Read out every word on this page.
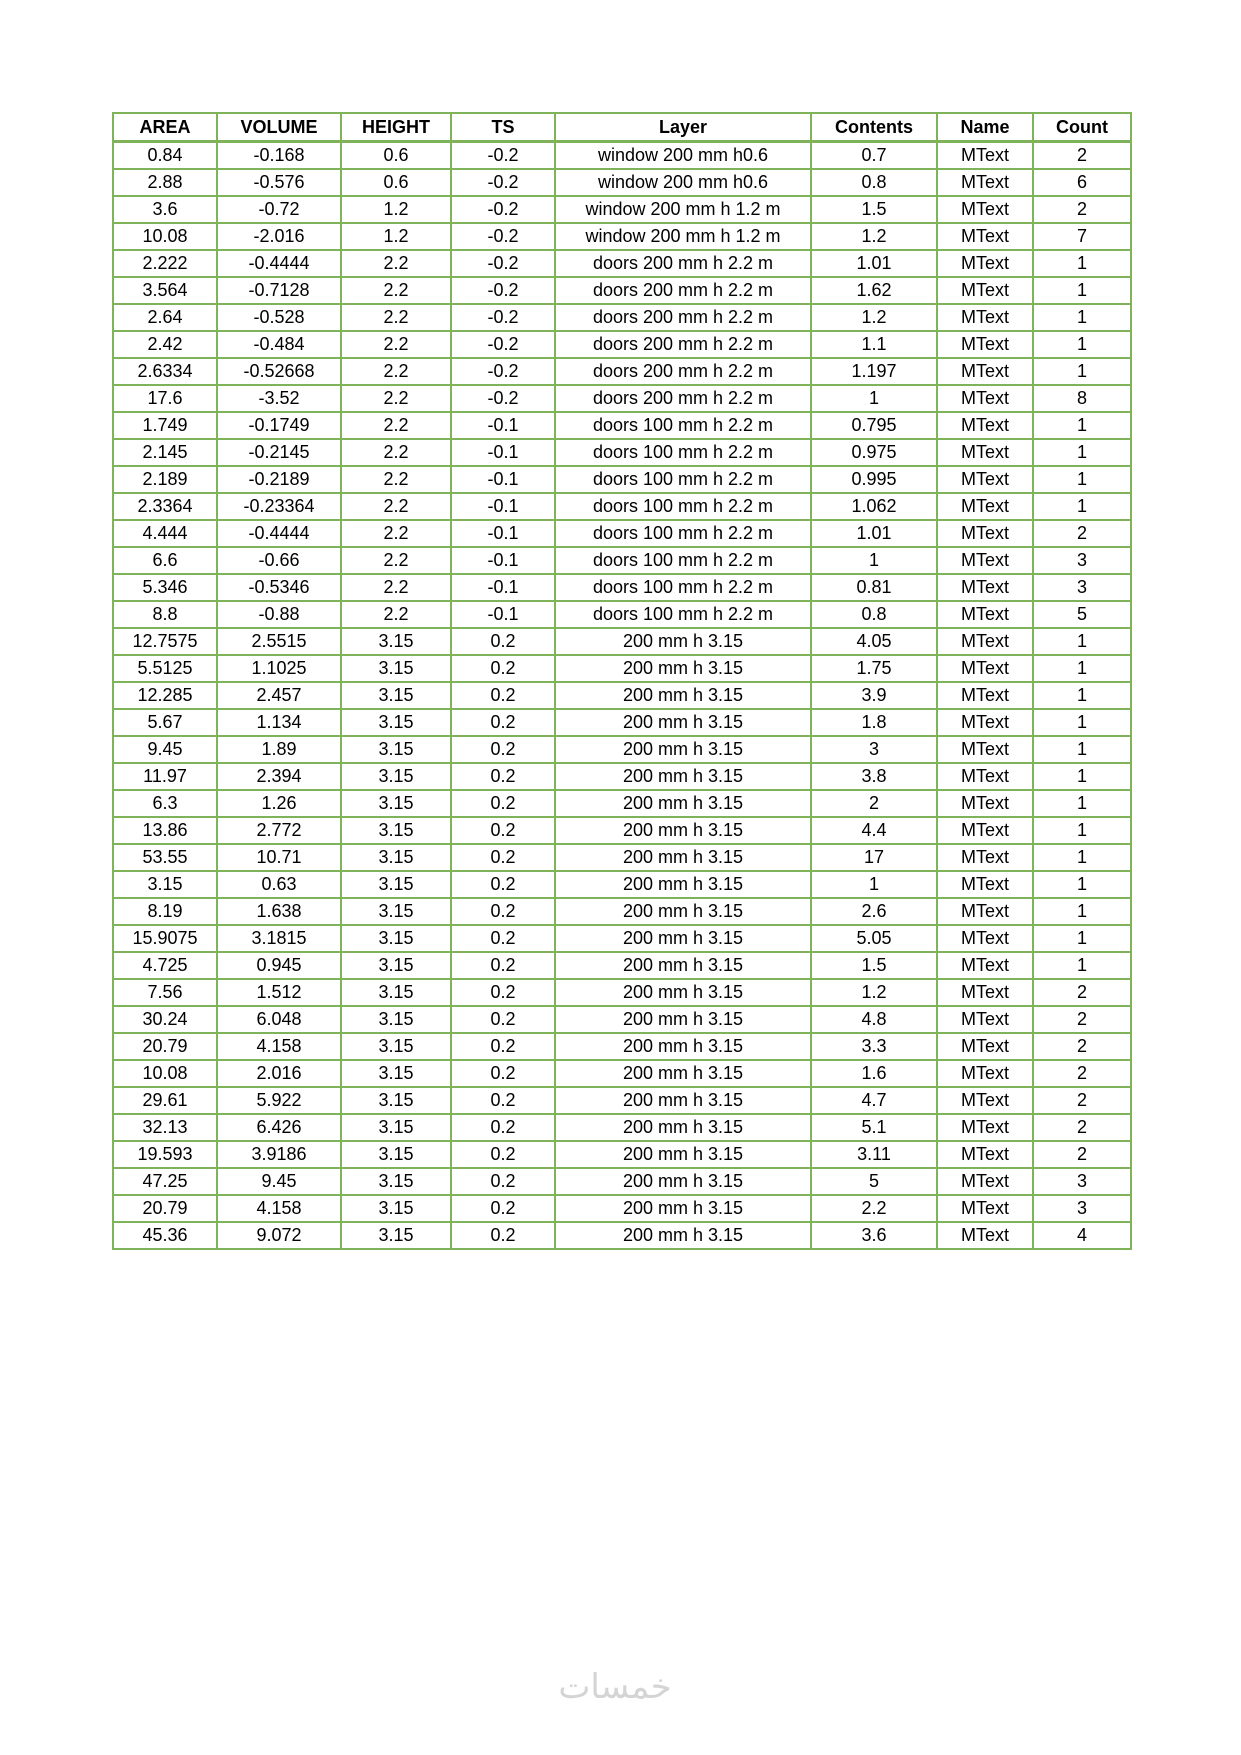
AREA	VOLUME	HEIGHT	TS	Layer	Contents	Name	Count
0.84	-0.168	0.6	-0.2	window 200 mm h0.6	0.7	MText	2
2.88	-0.576	0.6	-0.2	window 200 mm h0.6	0.8	MText	6
3.6	-0.72	1.2	-0.2	window 200 mm h 1.2 m	1.5	MText	2
10.08	-2.016	1.2	-0.2	window 200 mm h 1.2 m	1.2	MText	7
2.222	-0.4444	2.2	-0.2	doors 200 mm h 2.2 m	1.01	MText	1
3.564	-0.7128	2.2	-0.2	doors 200 mm h 2.2 m	1.62	MText	1
2.64	-0.528	2.2	-0.2	doors 200 mm h 2.2 m	1.2	MText	1
2.42	-0.484	2.2	-0.2	doors 200 mm h 2.2 m	1.1	MText	1
2.6334	-0.52668	2.2	-0.2	doors 200 mm h 2.2 m	1.197	MText	1
17.6	-3.52	2.2	-0.2	doors 200 mm h 2.2 m	1	MText	8
1.749	-0.1749	2.2	-0.1	doors 100 mm h 2.2 m	0.795	MText	1
2.145	-0.2145	2.2	-0.1	doors 100 mm h 2.2 m	0.975	MText	1
2.189	-0.2189	2.2	-0.1	doors 100 mm h 2.2 m	0.995	MText	1
2.3364	-0.23364	2.2	-0.1	doors 100 mm h 2.2 m	1.062	MText	1
4.444	-0.4444	2.2	-0.1	doors 100 mm h 2.2 m	1.01	MText	2
6.6	-0.66	2.2	-0.1	doors 100 mm h 2.2 m	1	MText	3
5.346	-0.5346	2.2	-0.1	doors 100 mm h 2.2 m	0.81	MText	3
8.8	-0.88	2.2	-0.1	doors 100 mm h 2.2 m	0.8	MText	5
12.7575	2.5515	3.15	0.2	200 mm h 3.15	4.05	MText	1
5.5125	1.1025	3.15	0.2	200 mm h 3.15	1.75	MText	1
12.285	2.457	3.15	0.2	200 mm h 3.15	3.9	MText	1
5.67	1.134	3.15	0.2	200 mm h 3.15	1.8	MText	1
9.45	1.89	3.15	0.2	200 mm h 3.15	3	MText	1
11.97	2.394	3.15	0.2	200 mm h 3.15	3.8	MText	1
6.3	1.26	3.15	0.2	200 mm h 3.15	2	MText	1
13.86	2.772	3.15	0.2	200 mm h 3.15	4.4	MText	1
53.55	10.71	3.15	0.2	200 mm h 3.15	17	MText	1
3.15	0.63	3.15	0.2	200 mm h 3.15	1	MText	1
8.19	1.638	3.15	0.2	200 mm h 3.15	2.6	MText	1
15.9075	3.1815	3.15	0.2	200 mm h 3.15	5.05	MText	1
4.725	0.945	3.15	0.2	200 mm h 3.15	1.5	MText	1
7.56	1.512	3.15	0.2	200 mm h 3.15	1.2	MText	2
30.24	6.048	3.15	0.2	200 mm h 3.15	4.8	MText	2
20.79	4.158	3.15	0.2	200 mm h 3.15	3.3	MText	2
10.08	2.016	3.15	0.2	200 mm h 3.15	1.6	MText	2
29.61	5.922	3.15	0.2	200 mm h 3.15	4.7	MText	2
32.13	6.426	3.15	0.2	200 mm h 3.15	5.1	MText	2
19.593	3.9186	3.15	0.2	200 mm h 3.15	3.11	MText	2
47.25	9.45	3.15	0.2	200 mm h 3.15	5	MText	3
20.79	4.158	3.15	0.2	200 mm h 3.15	2.2	MText	3
45.36	9.072	3.15	0.2	200 mm h 3.15	3.6	MText	4
خمسات
